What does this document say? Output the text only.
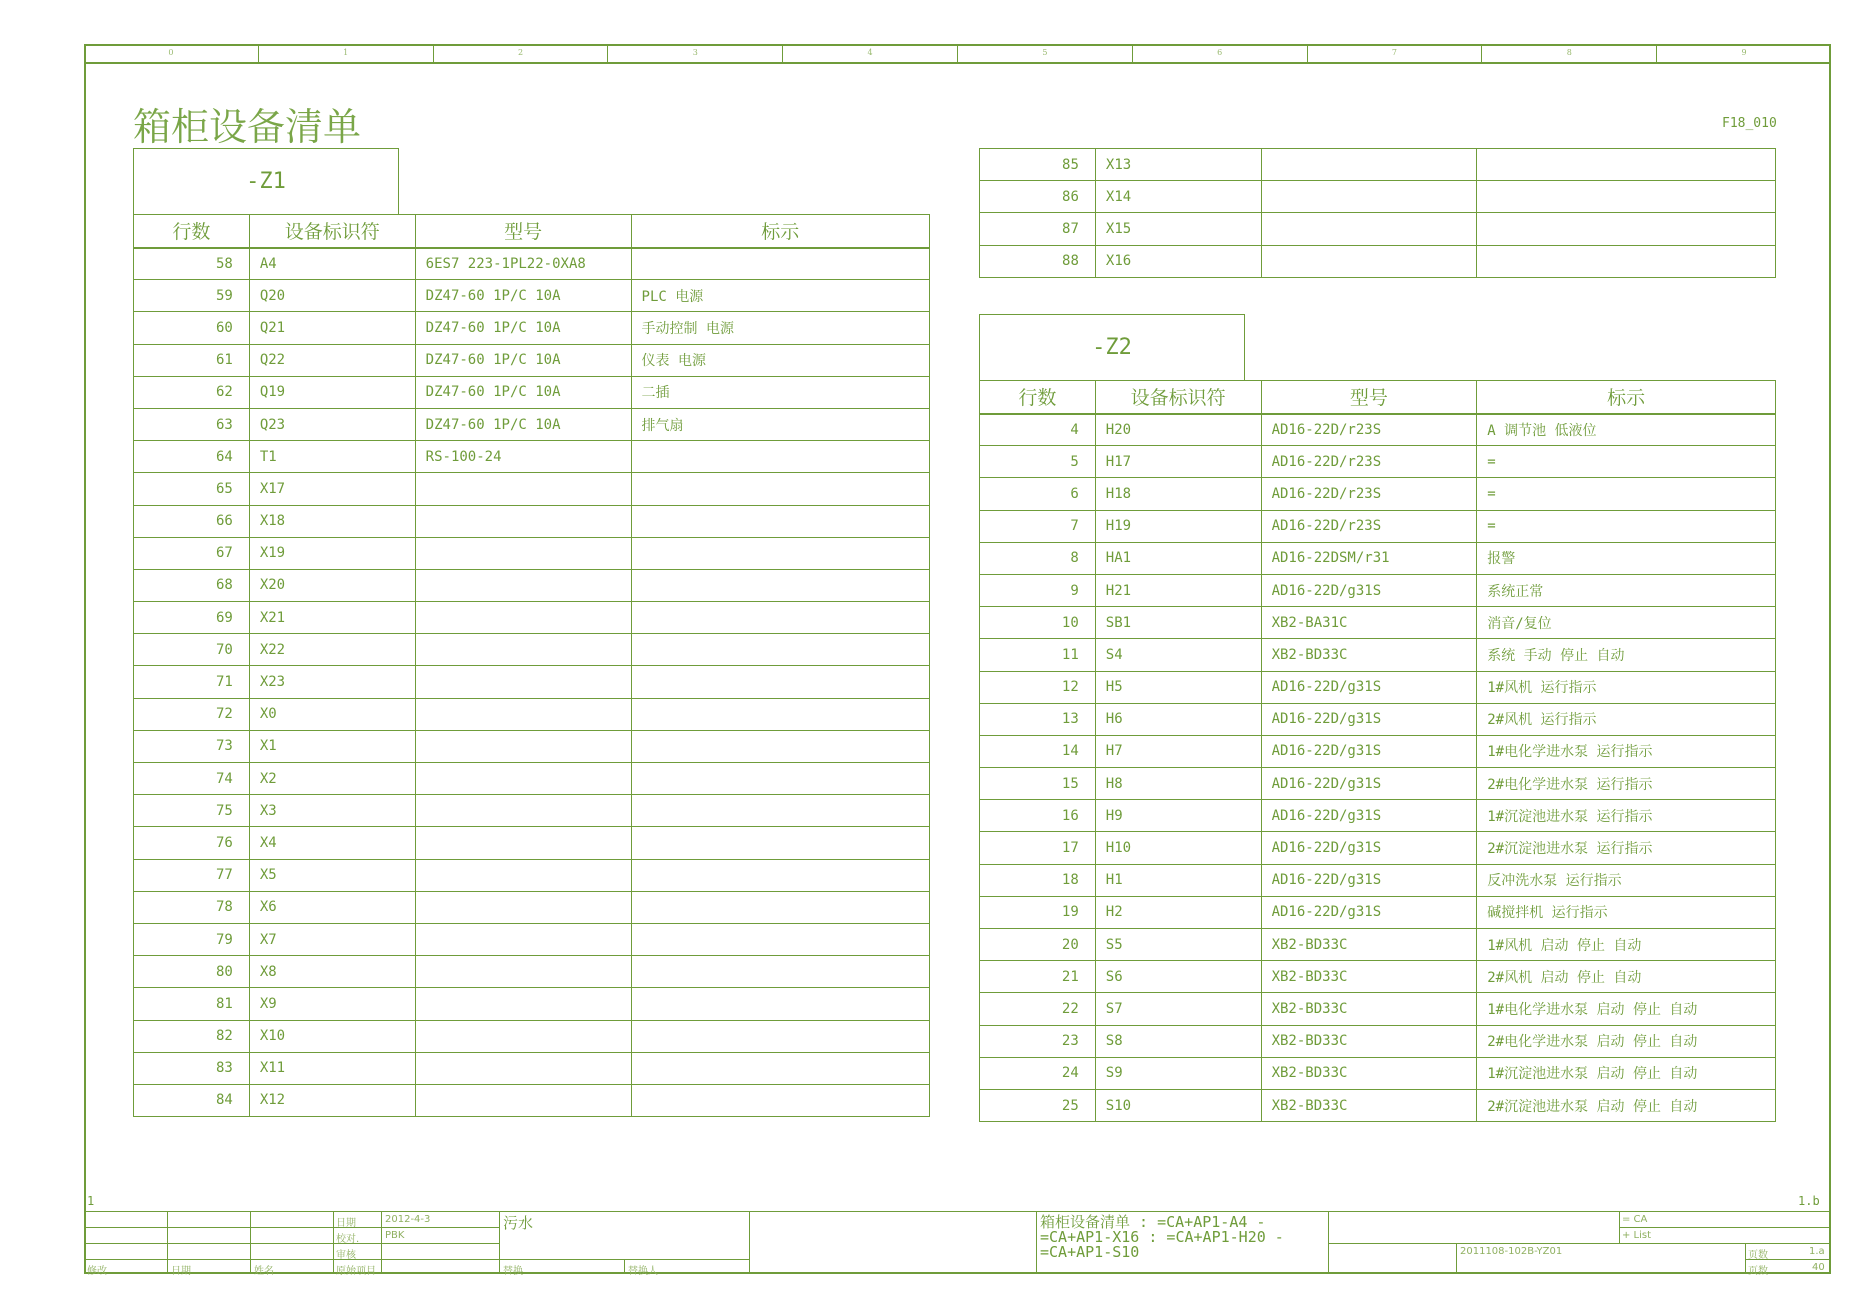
0	1	2	3	4	5	6	7	8	9
箱柜设备清单	F18_010
-Z1
行数	设备标识符	型号	标示
58	A4	6ES7 223-1PL22-0XA8	
59	Q20	DZ47-60 1P/C 10A	PLC 电源
60	Q21	DZ47-60 1P/C 10A	手动控制 电源
61	Q22	DZ47-60 1P/C 10A	仪表 电源
62	Q19	DZ47-60 1P/C 10A	二插
63	Q23	DZ47-60 1P/C 10A	排气扇
64	T1	RS-100-24	
65	X17		
66	X18		
67	X19		
68	X20		
69	X21		
70	X22		
71	X23		
72	X0		
73	X1		
74	X2		
75	X3		
76	X4		
77	X5		
78	X6		
79	X7		
80	X8		
81	X9		
82	X10		
83	X11		
84	X12		
85	X13		
86	X14		
87	X15		
88	X16		
-Z2
行数	设备标识符	型号	标示
4	H20	AD16-22D/r23S	A 调节池 低液位
5	H17	AD16-22D/r23S	=
6	H18	AD16-22D/r23S	=
7	H19	AD16-22D/r23S	=
8	HA1	AD16-22DSM/r31	报警
9	H21	AD16-22D/g31S	系统正常
10	SB1	XB2-BA31C	消音/复位
11	S4	XB2-BD33C	系统 手动 停止 自动
12	H5	AD16-22D/g31S	1#风机 运行指示
13	H6	AD16-22D/g31S	2#风机 运行指示
14	H7	AD16-22D/g31S	1#电化学进水泵 运行指示
15	H8	AD16-22D/g31S	2#电化学进水泵 运行指示
16	H9	AD16-22D/g31S	1#沉淀池进水泵 运行指示
17	H10	AD16-22D/g31S	2#沉淀池进水泵 运行指示
18	H1	AD16-22D/g31S	反冲洗水泵 运行指示
19	H2	AD16-22D/g31S	碱搅拌机 运行指示
20	S5	XB2-BD33C	1#风机 启动 停止 自动
21	S6	XB2-BD33C	2#风机 启动 停止 自动
22	S7	XB2-BD33C	1#电化学进水泵 启动 停止 自动
23	S8	XB2-BD33C	2#电化学进水泵 启动 停止 自动
24	S9	XB2-BD33C	1#沉淀池进水泵 启动 停止 自动
25	S10	XB2-BD33C	2#沉淀池进水泵 启动 停止 自动
1	1.b
日期	2012-4-3
校对.	PBK
审核
原始项目
修改	日期	姓名
污水
替换	替换人
箱柜设备清单 : =CA+AP1-A4 -
=CA+AP1-X16 : =CA+AP1-H20 -
=CA+AP1-S10
= CA
+ List
2011108-102B-YZ01	页数	1.a
页数	40
